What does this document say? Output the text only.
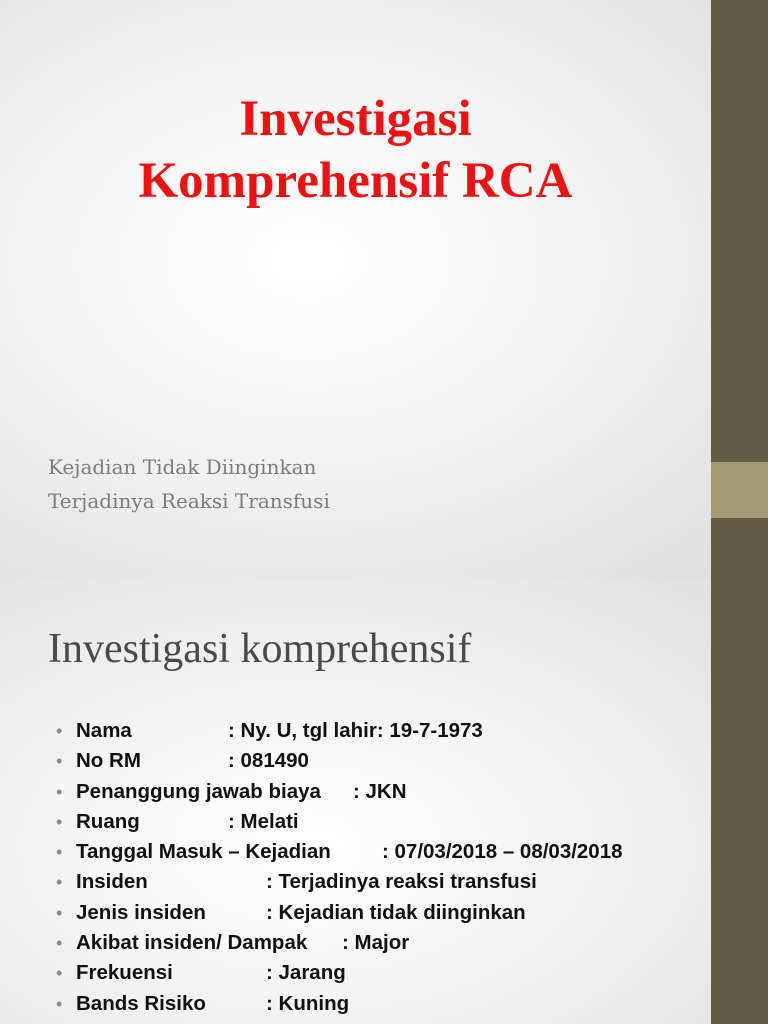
Investigasi
Komprehensif RCA
Kejadian Tidak Diinginkan
Terjadinya Reaksi Transfusi
Investigasi komprehensif
• Nama	: Ny. U, tgl lahir: 19-7-1973
• No RM	: 081490
• Penanggung jawab biaya : JKN
• Ruang	: Melati
• Tanggal Masuk – Kejadian : 07/03/2018 – 08/03/2018
• Insiden	: Terjadinya reaksi transfusi
• Jenis insiden	: Kejadian tidak diinginkan
• Akibat insiden/ Dampak : Major
• Frekuensi	: Jarang
• Bands Risiko	: Kuning
